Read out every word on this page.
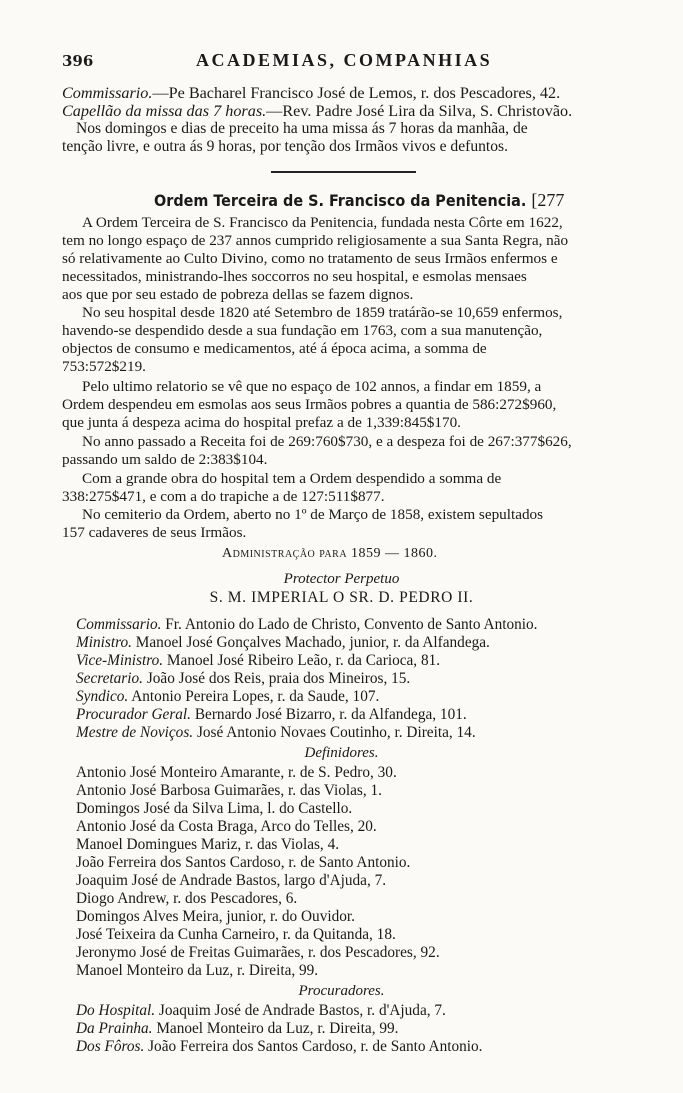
396	ACADEMIAS, COMPANHIAS
Commissario.—Pe Bacharel Francisco José de Lemos, r. dos Pescadores, 42.
Capellão da missa das 7 horas.—Rev. Padre José Lira da Silva, S. Christovão.
Nos domingos e dias de preceito ha uma missa ás 7 horas da manhãa, de
tenção livre, e outra ás 9 horas, por tenção dos Irmãos vivos e defuntos.
Ordem Terceira de S. Francisco da Penitencia. [277
A Ordem Terceira de S. Francisco da Penitencia, fundada nesta Côrte em 1622,
tem no longo espaço de 237 annos cumprido religiosamente a sua Santa Regra, não
só relativamente ao Culto Divino, como no tratamento de seus Irmãos enfermos e
necessitados, ministrando-lhes soccorros no seu hospital, e esmolas mensaes
aos que por seu estado de pobreza dellas se fazem dignos.
No seu hospital desde 1820 até Setembro de 1859 tratárão-se 10,659 enfermos,
havendo-se despendido desde a sua fundação em 1763, com a sua manutenção,
objectos de consumo e medicamentos, até á época acima, a somma de
753:572$219.
Pelo ultimo relatorio se vê que no espaço de 102 annos, a findar em 1859, a
Ordem despendeu em esmolas aos seus Irmãos pobres a quantia de 586:272$960,
que junta á despeza acima do hospital prefaz a de 1,339:845$170.
No anno passado a Receita foi de 269:760$730, e a despeza foi de 267:377$626,
passando um saldo de 2:383$104.
Com a grande obra do hospital tem a Ordem despendido a somma de
338:275$471, e com a do trapiche a de 127:511$877.
No cemiterio da Ordem, aberto no 1º de Março de 1858, existem sepultados
157 cadaveres de seus Irmãos.
Administração para 1859 — 1860.
Protector Perpetuo
S. M. IMPERIAL O SR. D. PEDRO II.
Commissario. Fr. Antonio do Lado de Christo, Convento de Santo Antonio.
Ministro. Manoel José Gonçalves Machado, junior, r. da Alfandega.
Vice-Ministro. Manoel José Ribeiro Leão, r. da Carioca, 81.
Secretario. João José dos Reis, praia dos Mineiros, 15.
Syndico. Antonio Pereira Lopes, r. da Saude, 107.
Procurador Geral. Bernardo José Bizarro, r. da Alfandega, 101.
Mestre de Noviços. José Antonio Novaes Coutinho, r. Direita, 14.
Definidores.
Antonio José Monteiro Amarante, r. de S. Pedro, 30.
Antonio José Barbosa Guimarães, r. das Violas, 1.
Domingos José da Silva Lima, l. do Castello.
Antonio José da Costa Braga, Arco do Telles, 20.
Manoel Domingues Mariz, r. das Violas, 4.
João Ferreira dos Santos Cardoso, r. de Santo Antonio.
Joaquim José de Andrade Bastos, largo d'Ajuda, 7.
Diogo Andrew, r. dos Pescadores, 6.
Domingos Alves Meira, junior, r. do Ouvidor.
José Teixeira da Cunha Carneiro, r. da Quitanda, 18.
Jeronymo José de Freitas Guimarães, r. dos Pescadores, 92.
Manoel Monteiro da Luz, r. Direita, 99.
Procuradores.
Do Hospital. Joaquim José de Andrade Bastos, r. d'Ajuda, 7.
Da Prainha. Manoel Monteiro da Luz, r. Direita, 99.
Dos Fôros. João Ferreira dos Santos Cardoso, r. de Santo Antonio.
